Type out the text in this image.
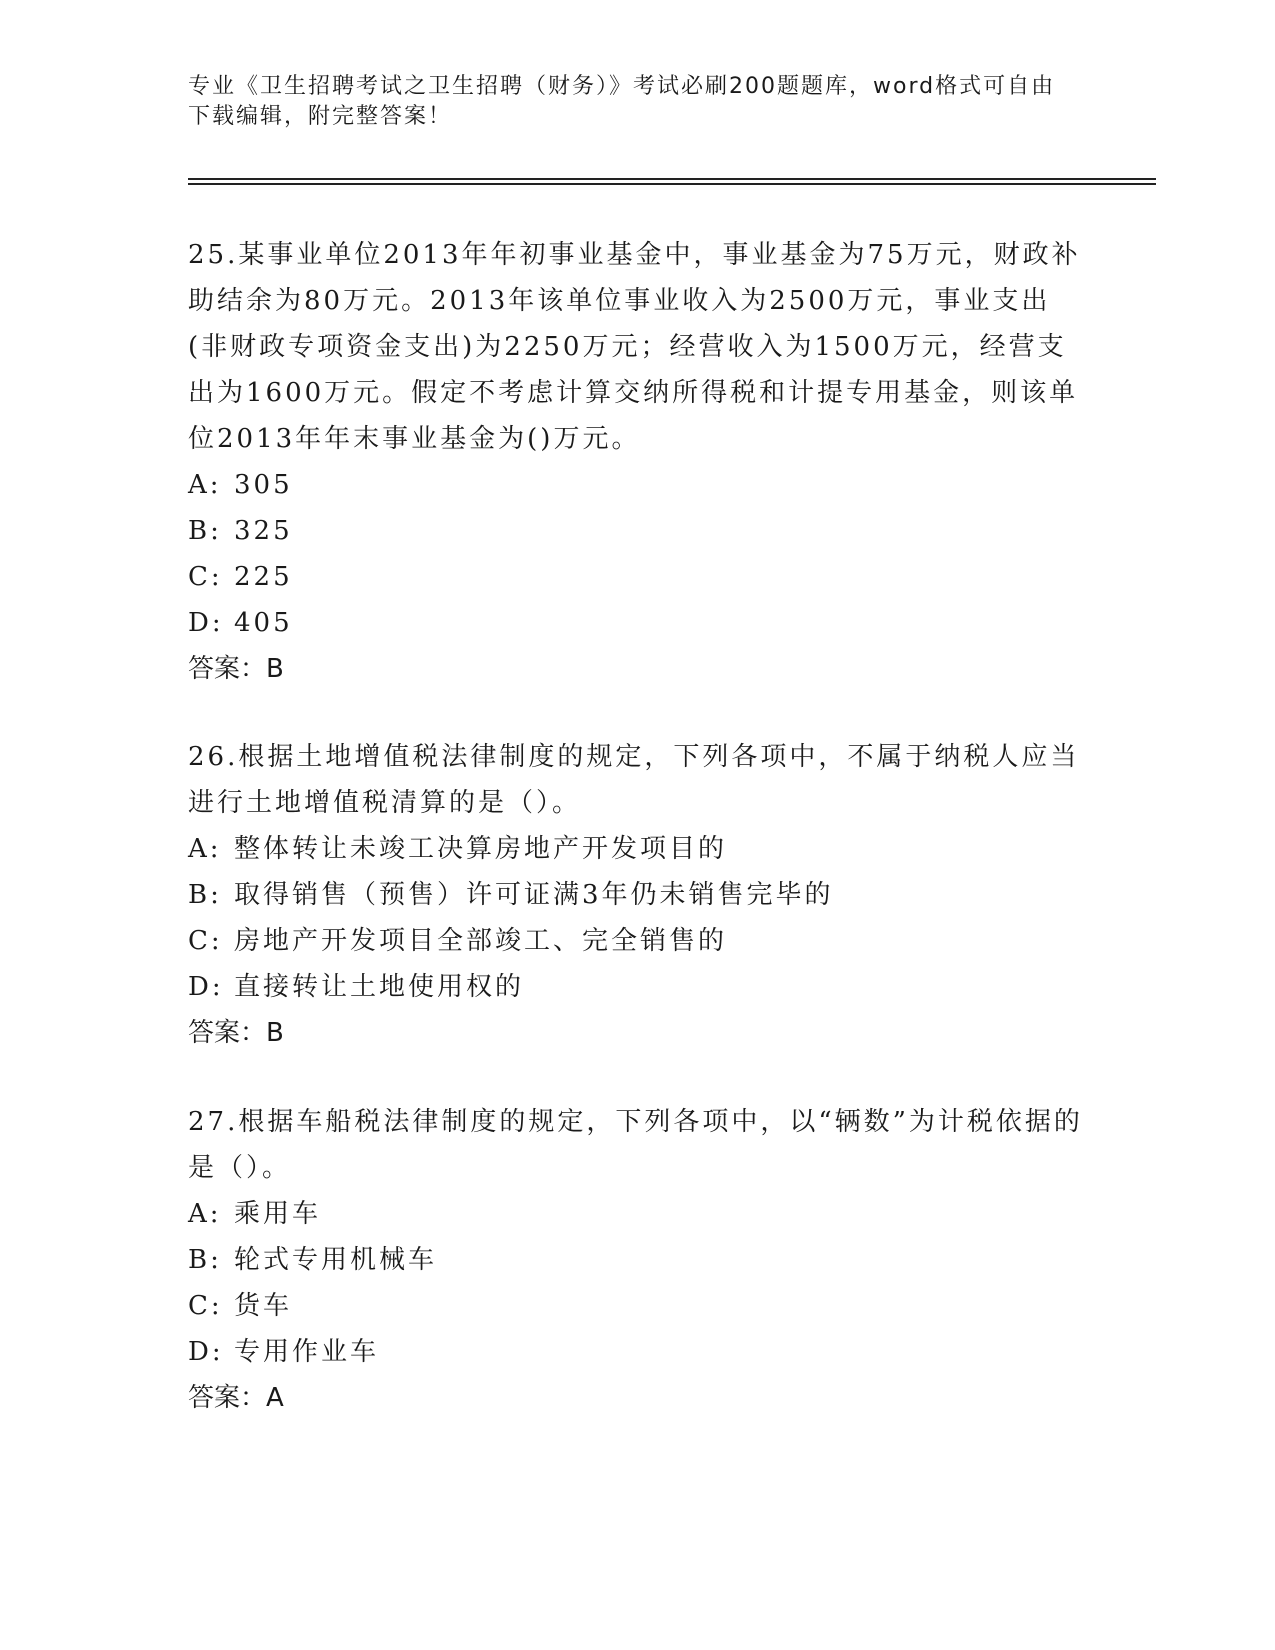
专业《卫生招聘考试之卫生招聘（财务）》考试必刷200题题库，word格式可自由下载编辑，附完整答案！

25.某事业单位2013年年初事业基金中，事业基金为75万元，财政补助结余为80万元。2013年该单位事业收入为2500万元，事业支出(非财政专项资金支出)为2250万元；经营收入为1500万元，经营支出为1600万元。假定不考虑计算交纳所得税和计提专用基金，则该单位2013年年末事业基金为()万元。

A: 305

B: 325

C: 225

D: 405

答案：B

26.根据土地增值税法律制度的规定，下列各项中，不属于纳税人应当进行土地增值税清算的是（）。

A: 整体转让未竣工决算房地产开发项目的

B: 取得销售（预售）许可证满3年仍未销售完毕的

C: 房地产开发项目全部竣工、完全销售的

D: 直接转让土地使用权的

答案：B

27.根据车船税法律制度的规定，下列各项中，以“辆数”为计税依据的是（）。

A: 乘用车

B: 轮式专用机械车

C: 货车

D: 专用作业车

答案：A
